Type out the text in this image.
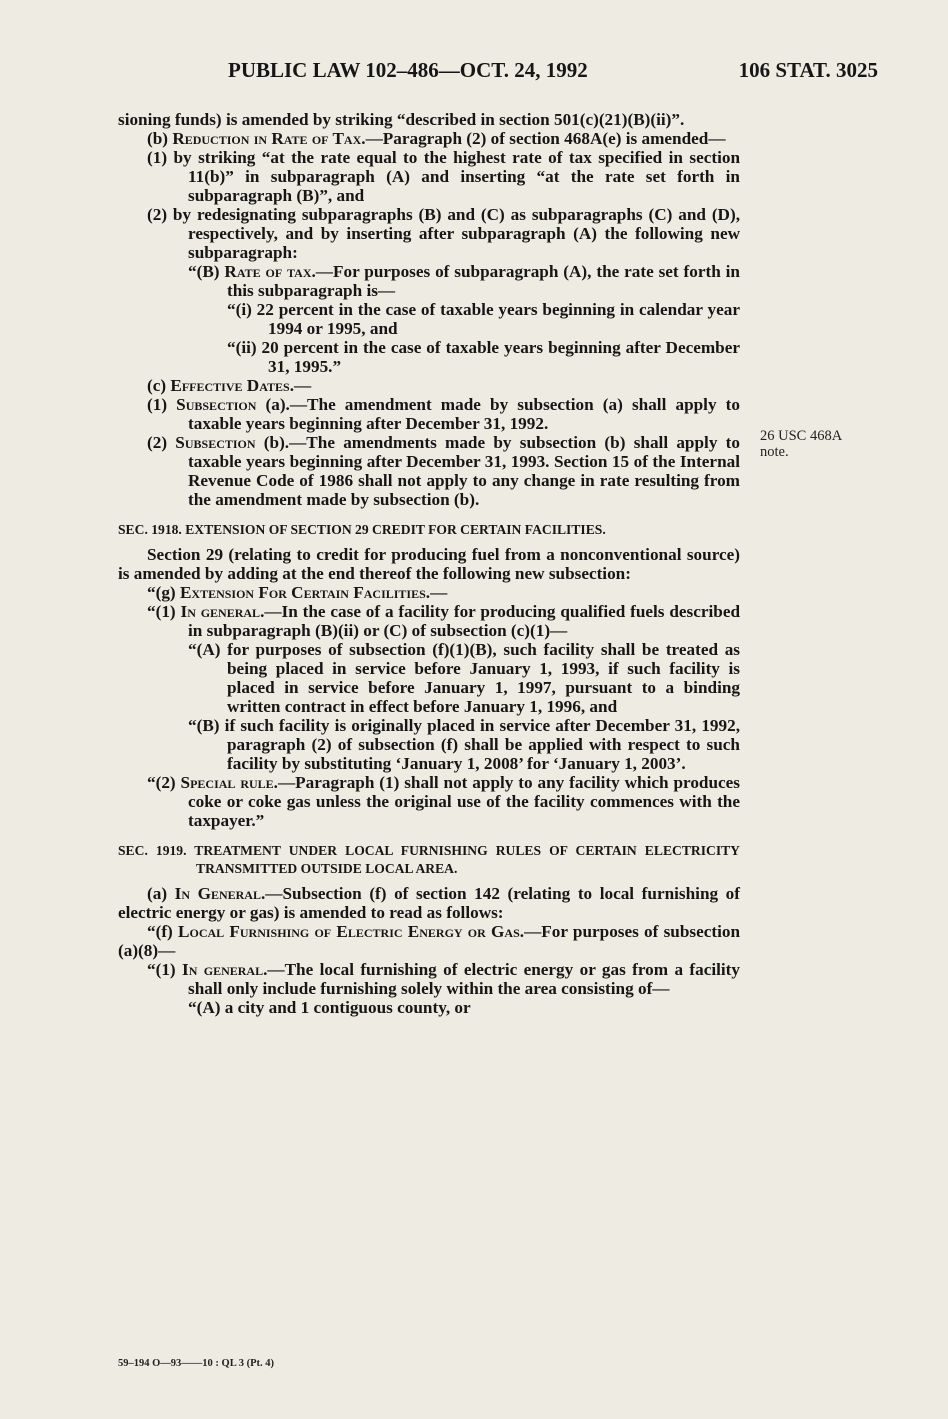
PUBLIC LAW 102–486—OCT. 24, 1992	106 STAT. 3025
26 USC 468A
note.

sioning funds) is amended by striking “described in section 501(c)(21)(B)(ii)”.

(b) Reduction in Rate of Tax.—Paragraph (2) of section 468A(e) is amended—

(1) by striking “at the rate equal to the highest rate of tax specified in section 11(b)” in subparagraph (A) and inserting “at the rate set forth in subparagraph (B)”, and

(2) by redesignating subparagraphs (B) and (C) as subparagraphs (C) and (D), respectively, and by inserting after subparagraph (A) the following new subparagraph:

“(B) Rate of tax.—For purposes of subparagraph (A), the rate set forth in this subparagraph is—

“(i) 22 percent in the case of taxable years beginning in calendar year 1994 or 1995, and

“(ii) 20 percent in the case of taxable years beginning after December 31, 1995.”

(c) Effective Dates.—

(1) Subsection (a).—The amendment made by subsection (a) shall apply to taxable years beginning after December 31, 1992.

(2) Subsection (b).—The amendments made by subsection (b) shall apply to taxable years beginning after December 31, 1993. Section 15 of the Internal Revenue Code of 1986 shall not apply to any change in rate resulting from the amendment made by subsection (b).

SEC. 1918. EXTENSION OF SECTION 29 CREDIT FOR CERTAIN FACILITIES.

Section 29 (relating to credit for producing fuel from a nonconventional source) is amended by adding at the end thereof the following new subsection:

“(g) Extension For Certain Facilities.—

“(1) In general.—In the case of a facility for producing qualified fuels described in subparagraph (B)(ii) or (C) of subsection (c)(1)—

“(A) for purposes of subsection (f)(1)(B), such facility shall be treated as being placed in service before January 1, 1993, if such facility is placed in service before January 1, 1997, pursuant to a binding written contract in effect before January 1, 1996, and

“(B) if such facility is originally placed in service after December 31, 1992, paragraph (2) of subsection (f) shall be applied with respect to such facility by substituting ‘January 1, 2008’ for ‘January 1, 2003’.

“(2) Special rule.—Paragraph (1) shall not apply to any facility which produces coke or coke gas unless the original use of the facility commences with the taxpayer.”

SEC. 1919. TREATMENT UNDER LOCAL FURNISHING RULES OF CERTAIN ELECTRICITY TRANSMITTED OUTSIDE LOCAL AREA.

(a) In General.—Subsection (f) of section 142 (relating to local furnishing of electric energy or gas) is amended to read as follows:

“(f) Local Furnishing of Electric Energy or Gas.—For purposes of subsection (a)(8)—

“(1) In general.—The local furnishing of electric energy or gas from a facility shall only include furnishing solely within the area consisting of—

“(A) a city and 1 contiguous county, or

59–194 O—93——10 : QL 3 (Pt. 4)
